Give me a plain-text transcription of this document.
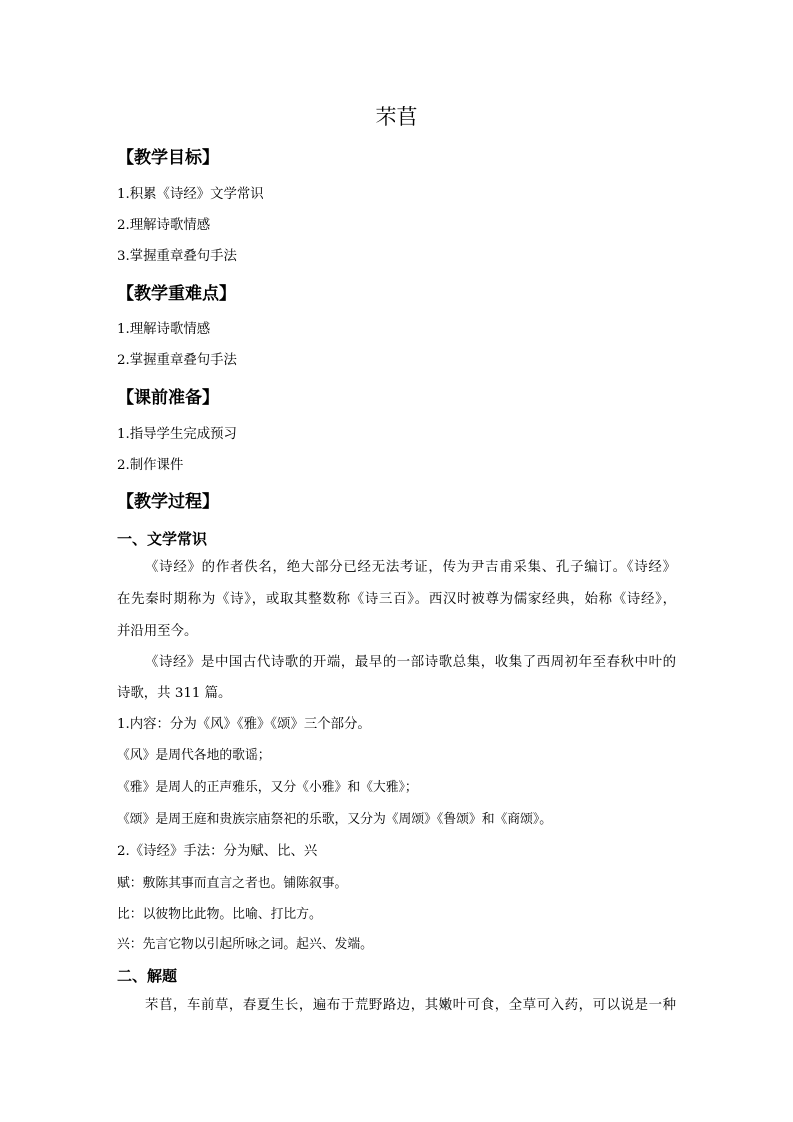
芣苢
【教学目标】
1.积累《诗经》文学常识
2.理解诗歌情感
3.掌握重章叠句手法
【教学重难点】
1.理解诗歌情感
2.掌握重章叠句手法
【课前准备】
1.指导学生完成预习
2.制作课件
【教学过程】
一、文学常识
《诗经》的作者佚名，绝大部分已经无法考证，传为尹吉甫采集、孔子编订。《诗经》
在先秦时期称为《诗》，或取其整数称《诗三百》。西汉时被尊为儒家经典，始称《诗经》，
并沿用至今。
《诗经》是中国古代诗歌的开端，最早的一部诗歌总集，收集了西周初年至春秋中叶的
诗歌，共 311 篇。
1.内容：分为《风》《雅》《颂》三个部分。
《风》是周代各地的歌谣；
《雅》是周人的正声雅乐，又分《小雅》和《大雅》；
《颂》是周王庭和贵族宗庙祭祀的乐歌，又分为《周颂》《鲁颂》和《商颂》。
2.《诗经》手法：分为赋、比、兴
赋：敷陈其事而直言之者也。铺陈叙事。
比：以彼物比此物。比喻、打比方。
兴：先言它物以引起所咏之词。起兴、发端。
二、解题
芣苢，车前草，春夏生长，遍布于荒野路边，其嫩叶可食，全草可入药，可以说是一种
